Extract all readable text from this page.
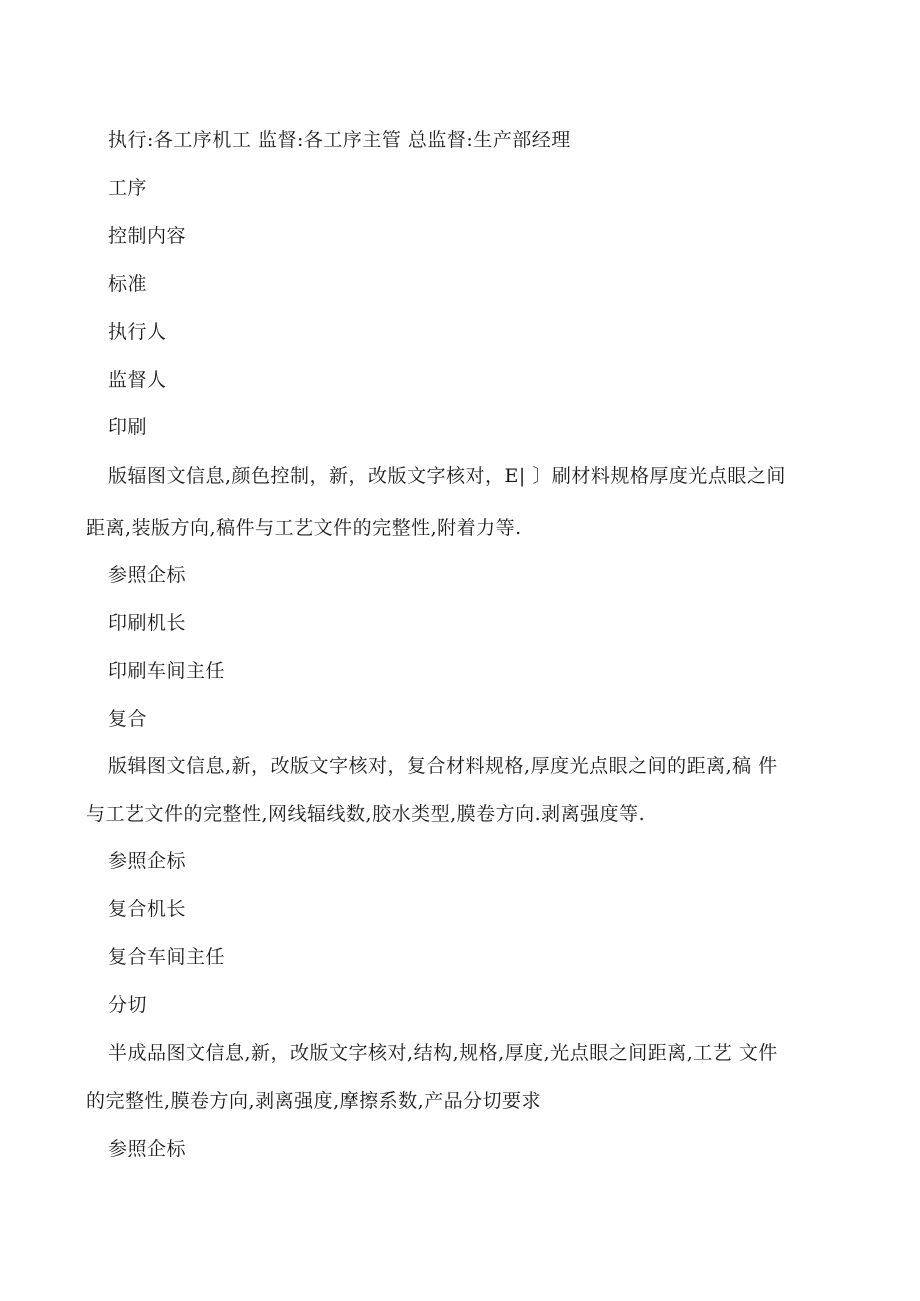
执行:各工序机工 监督:各工序主管 总监督:生产部经理
工序
控制内容
标准
执行人
监督人
印刷
版辐图文信息,颜色控制，新，改版文字核对，E| 〕刷材料规格厚度光点眼之间
距离,装版方向,稿件与工艺文件的完整性,附着力等.
参照企标
印刷机长
印刷车间主任
复合
版辑图文信息,新，改版文字核对，复合材料规格,厚度光点眼之间的距离,稿 件
与工艺文件的完整性,网线辐线数,胶水类型,膜卷方向.剥离强度等.
参照企标
复合机长
复合车间主任
分切
半成品图文信息,新，改版文字核对,结构,规格,厚度,光点眼之间距离,工艺 文件
的完整性,膜卷方向,剥离强度,摩擦系数,产品分切要求
参照企标
